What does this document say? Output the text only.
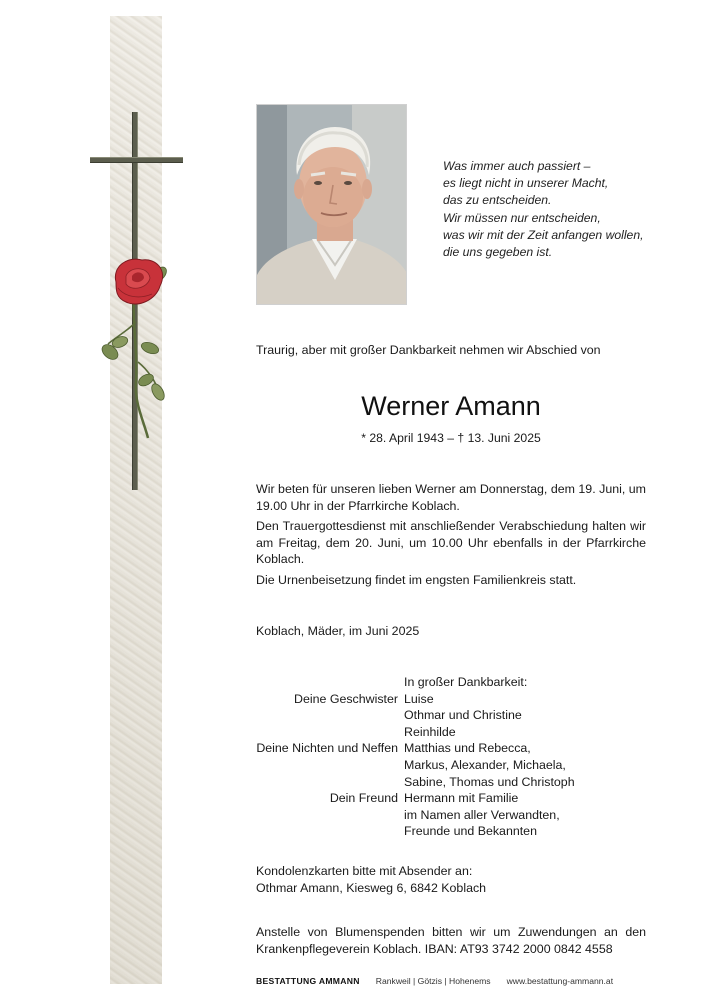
Was immer auch passiert –
es liegt nicht in unserer Macht,
das zu entscheiden.
Wir müssen nur entscheiden,
was wir mit der Zeit anfangen wollen,
die uns gegeben ist.
Traurig, aber mit großer Dankbarkeit nehmen wir Abschied von
Werner Amann
* 28. April 1943 – † 13. Juni 2025
Wir beten für unseren lieben Werner am Donnerstag, dem 19. Juni, um 19.00 Uhr in der Pfarrkirche Koblach.
Den Trauergottesdienst mit anschließender Verabschiedung halten wir am Freitag, dem 20. Juni, um 10.00 Uhr ebenfalls in der Pfarrkirche Koblach.
Die Urnenbeisetzung findet im engsten Familienkreis statt.
Koblach, Mäder, im Juni 2025
In großer Dankbarkeit:
Deine Geschwister Luise
Othmar und Christine
Reinhilde
Deine Nichten und Neffen Matthias und Rebecca,
Markus, Alexander, Michaela,
Sabine, Thomas und Christoph
Dein Freund Hermann mit Familie
im Namen aller Verwandten,
Freunde und Bekannten
Kondolenzkarten bitte mit Absender an:
Othmar Amann, Kiesweg 6, 6842 Koblach
Anstelle von Blumenspenden bitten wir um Zuwendungen an den Krankenpflegeverein Koblach. IBAN: AT93 3742 2000 0842 4558
BESTATTUNG AMMANN Rankweil | Götzis | Hohenems www.bestattung-ammann.at
